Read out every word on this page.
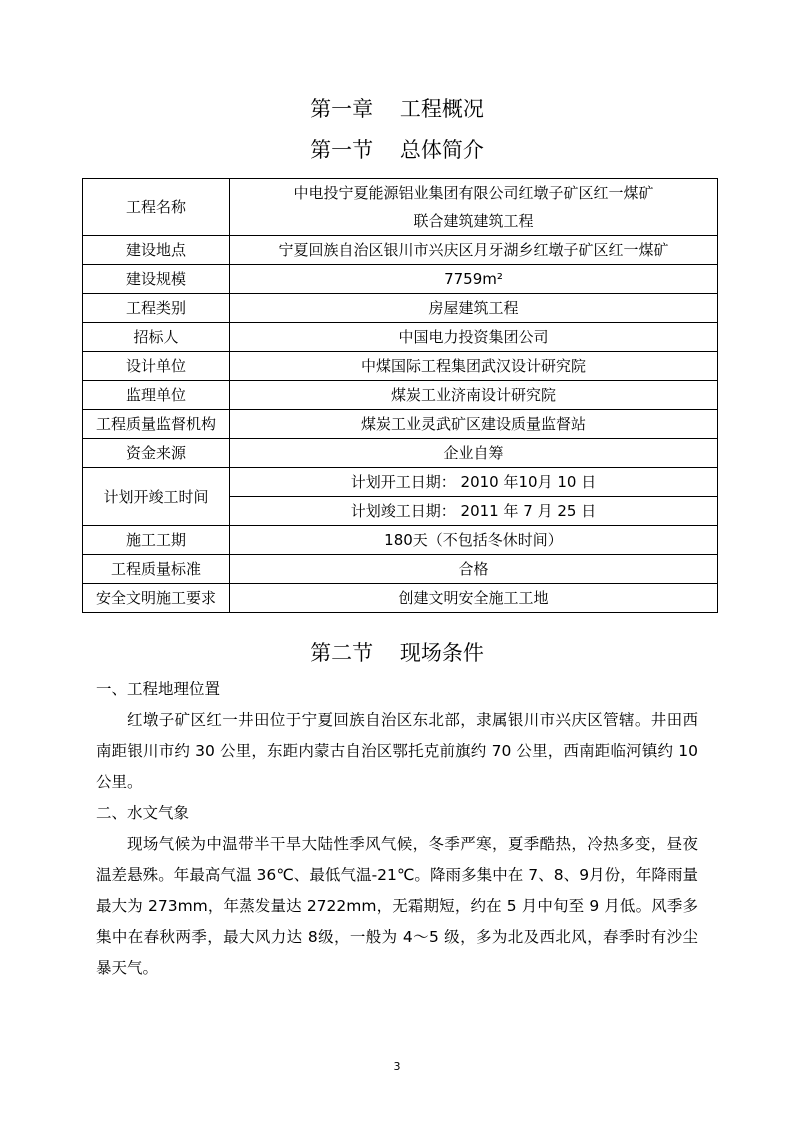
第一章    工程概况
第一节    总体简介
工程名称	中电投宁夏能源铝业集团有限公司红墩子矿区红一煤矿
	联合建筑建筑工程
建设地点	宁夏回族自治区银川市兴庆区月牙湖乡红墩子矿区红一煤矿
建设规模	7759m²
工程类别	房屋建筑工程
招标人	中国电力投资集团公司
设计单位	中煤国际工程集团武汉设计研究院
监理单位	煤炭工业济南设计研究院
工程质量监督机构	煤炭工业灵武矿区建设质量监督站
资金来源	企业自筹
计划开竣工时间	计划开工日期： 2010 年10月 10 日
	计划竣工日期： 2011 年 7 月 25 日
施工工期	180天（不包括冬休时间）
工程质量标准	合格
安全文明施工要求	创建文明安全施工工地
第二节    现场条件
一、工程地理位置
红墩子矿区红一井田位于宁夏回族自治区东北部，隶属银川市兴庆区管辖。井田西南距银川市约 30 公里，东距内蒙古自治区鄂托克前旗约 70 公里，西南距临河镇约 10 公里。
二、水文气象
现场气候为中温带半干旱大陆性季风气候，冬季严寒，夏季酷热，冷热多变，昼夜温差悬殊。年最高气温 36℃、最低气温-21℃。降雨多集中在 7、8、9月份，年降雨量最大为 273mm，年蒸发量达 2722mm，无霜期短，约在 5 月中旬至 9 月低。风季多集中在春秋两季，最大风力达 8级，一般为 4～5 级，多为北及西北风，春季时有沙尘暴天气。
3
